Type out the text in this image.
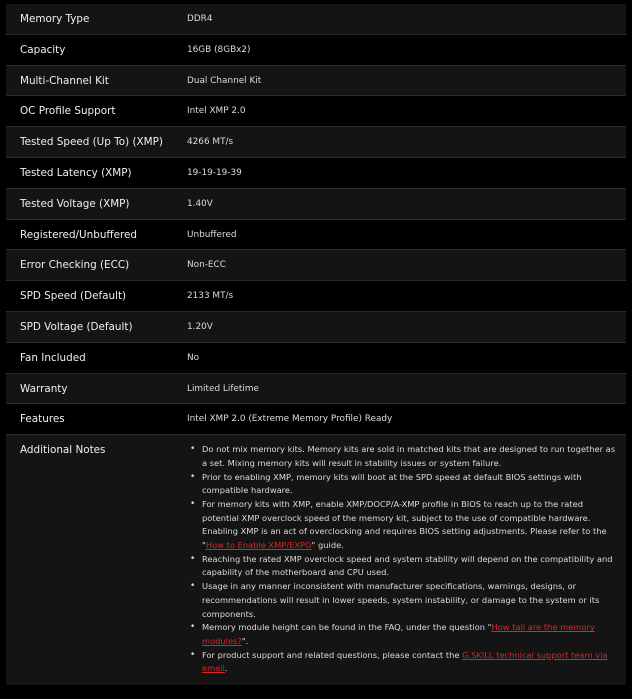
Memory Type	DDR4
Capacity	16GB (8GBx2)
Multi-Channel Kit	Dual Channel Kit
OC Profile Support	Intel XMP 2.0
Tested Speed (Up To) (XMP)	4266 MT/s
Tested Latency (XMP)	19-19-19-39
Tested Voltage (XMP)	1.40V
Registered/Unbuffered	Unbuffered
Error Checking (ECC)	Non-ECC
SPD Speed (Default)	2133 MT/s
SPD Voltage (Default)	1.20V
Fan Included	No
Warranty	Limited Lifetime
Features	Intel XMP 2.0 (Extreme Memory Profile) Ready
Additional Notes
•	Do not mix memory kits. Memory kits are sold in matched kits that are designed to run together as a set. Mixing memory kits will result in stability issues or system failure.
• Prior to enabling XMP, memory kits will boot at the SPD speed at default BIOS settings with compatible hardware.
• For memory kits with XMP, enable XMP/DOCP/A-XMP profile in BIOS to reach up to the rated potential XMP overclock speed of the memory kit, subject to the use of compatible hardware. Enabling XMP is an act of overclocking and requires BIOS setting adjustments. Please refer to the "How to Enable XMP/EXPO" guide.
• Reaching the rated XMP overclock speed and system stability will depend on the compatibility and capability of the motherboard and CPU used.
• Usage in any manner inconsistent with manufacturer specifications, warnings, designs, or recommendations will result in lower speeds, system instability, or damage to the system or its components.
• Memory module height can be found in the FAQ, under the question "How tall are the memory modules?".
• For product support and related questions, please contact the G.SKILL technical support team via email.
